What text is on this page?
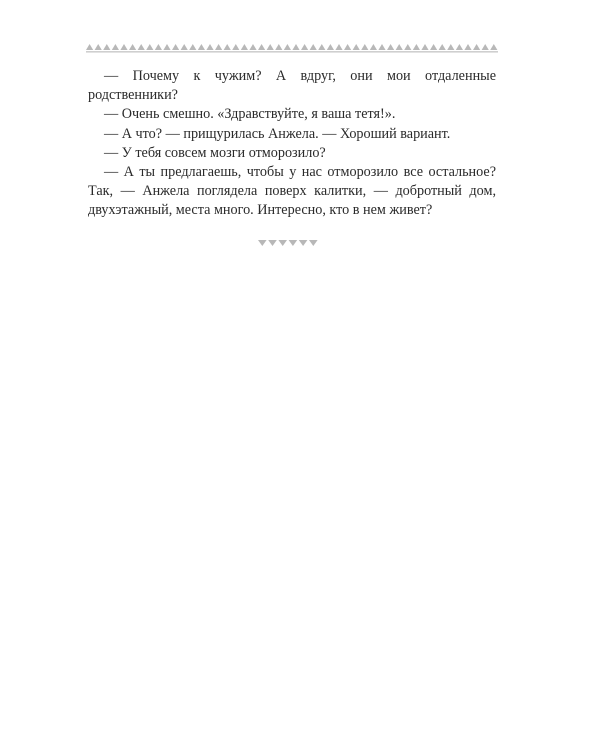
— Почему к чужим? А вдруг, они мои отдаленные родственники?

— Очень смешно. «Здравствуйте, я ваша тетя!».

— А что? — прищурилась Анжела. — Хороший вариант.

— У тебя совсем мозги отморозило?

— А ты предлагаешь, чтобы у нас отморозило все остальное? Так, — Анжела поглядела поверх калитки, — добротный дом, двухэтажный, места много. Интересно, кто в нем живет?
